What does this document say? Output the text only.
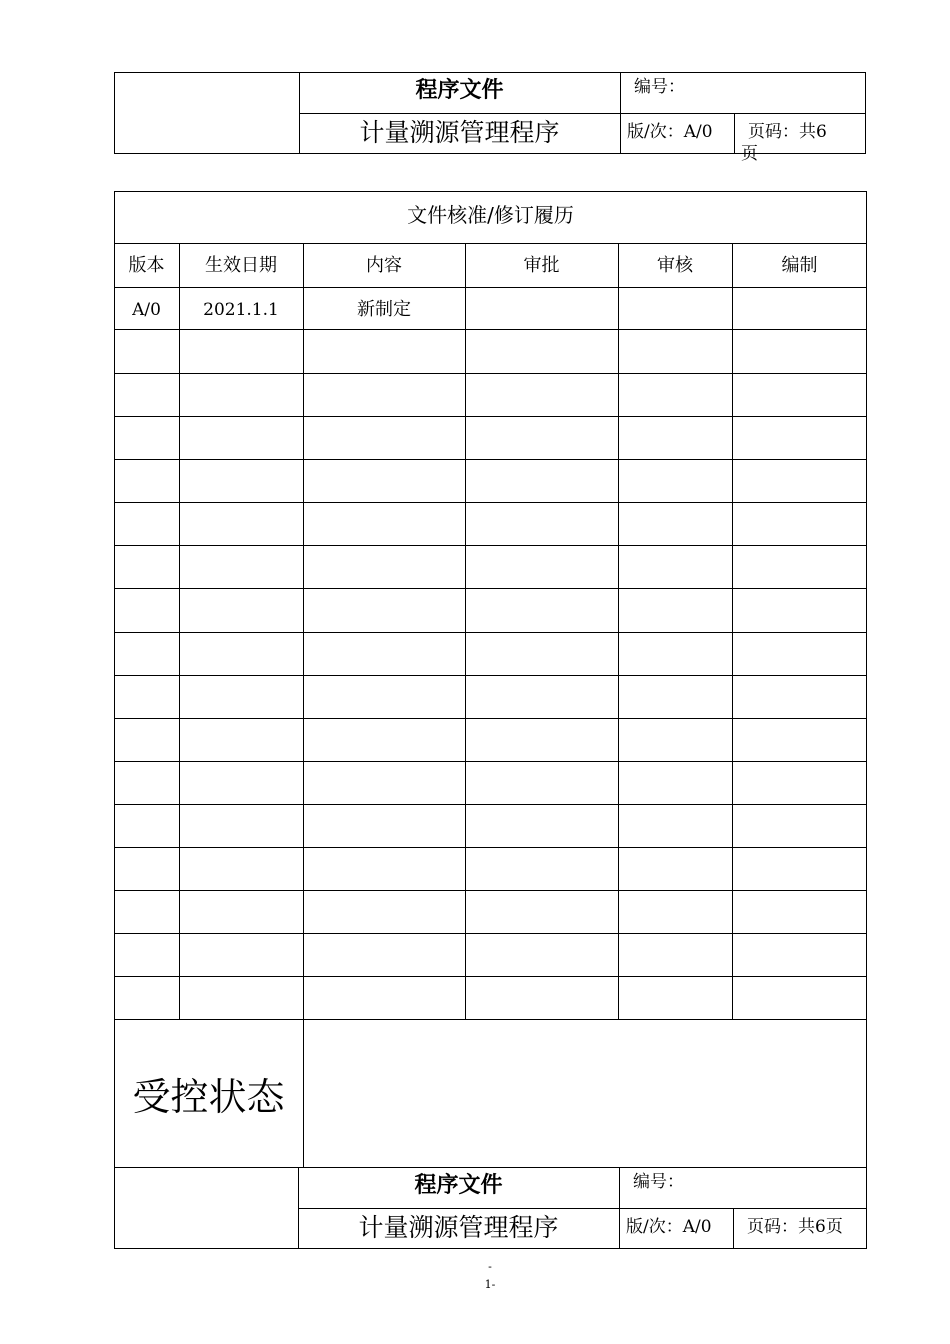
程序文件
计量溯源管理程序
编号：
版/次：A/0 页码：共6
页
文件核准/修订履历
版本	生效日期	内容	审批	审核	编制
A/0	2021.1.1	新制定
受控状态
程序文件
计量溯源管理程序
编号：
版/次：A/0 页码：共6页
-
1-
